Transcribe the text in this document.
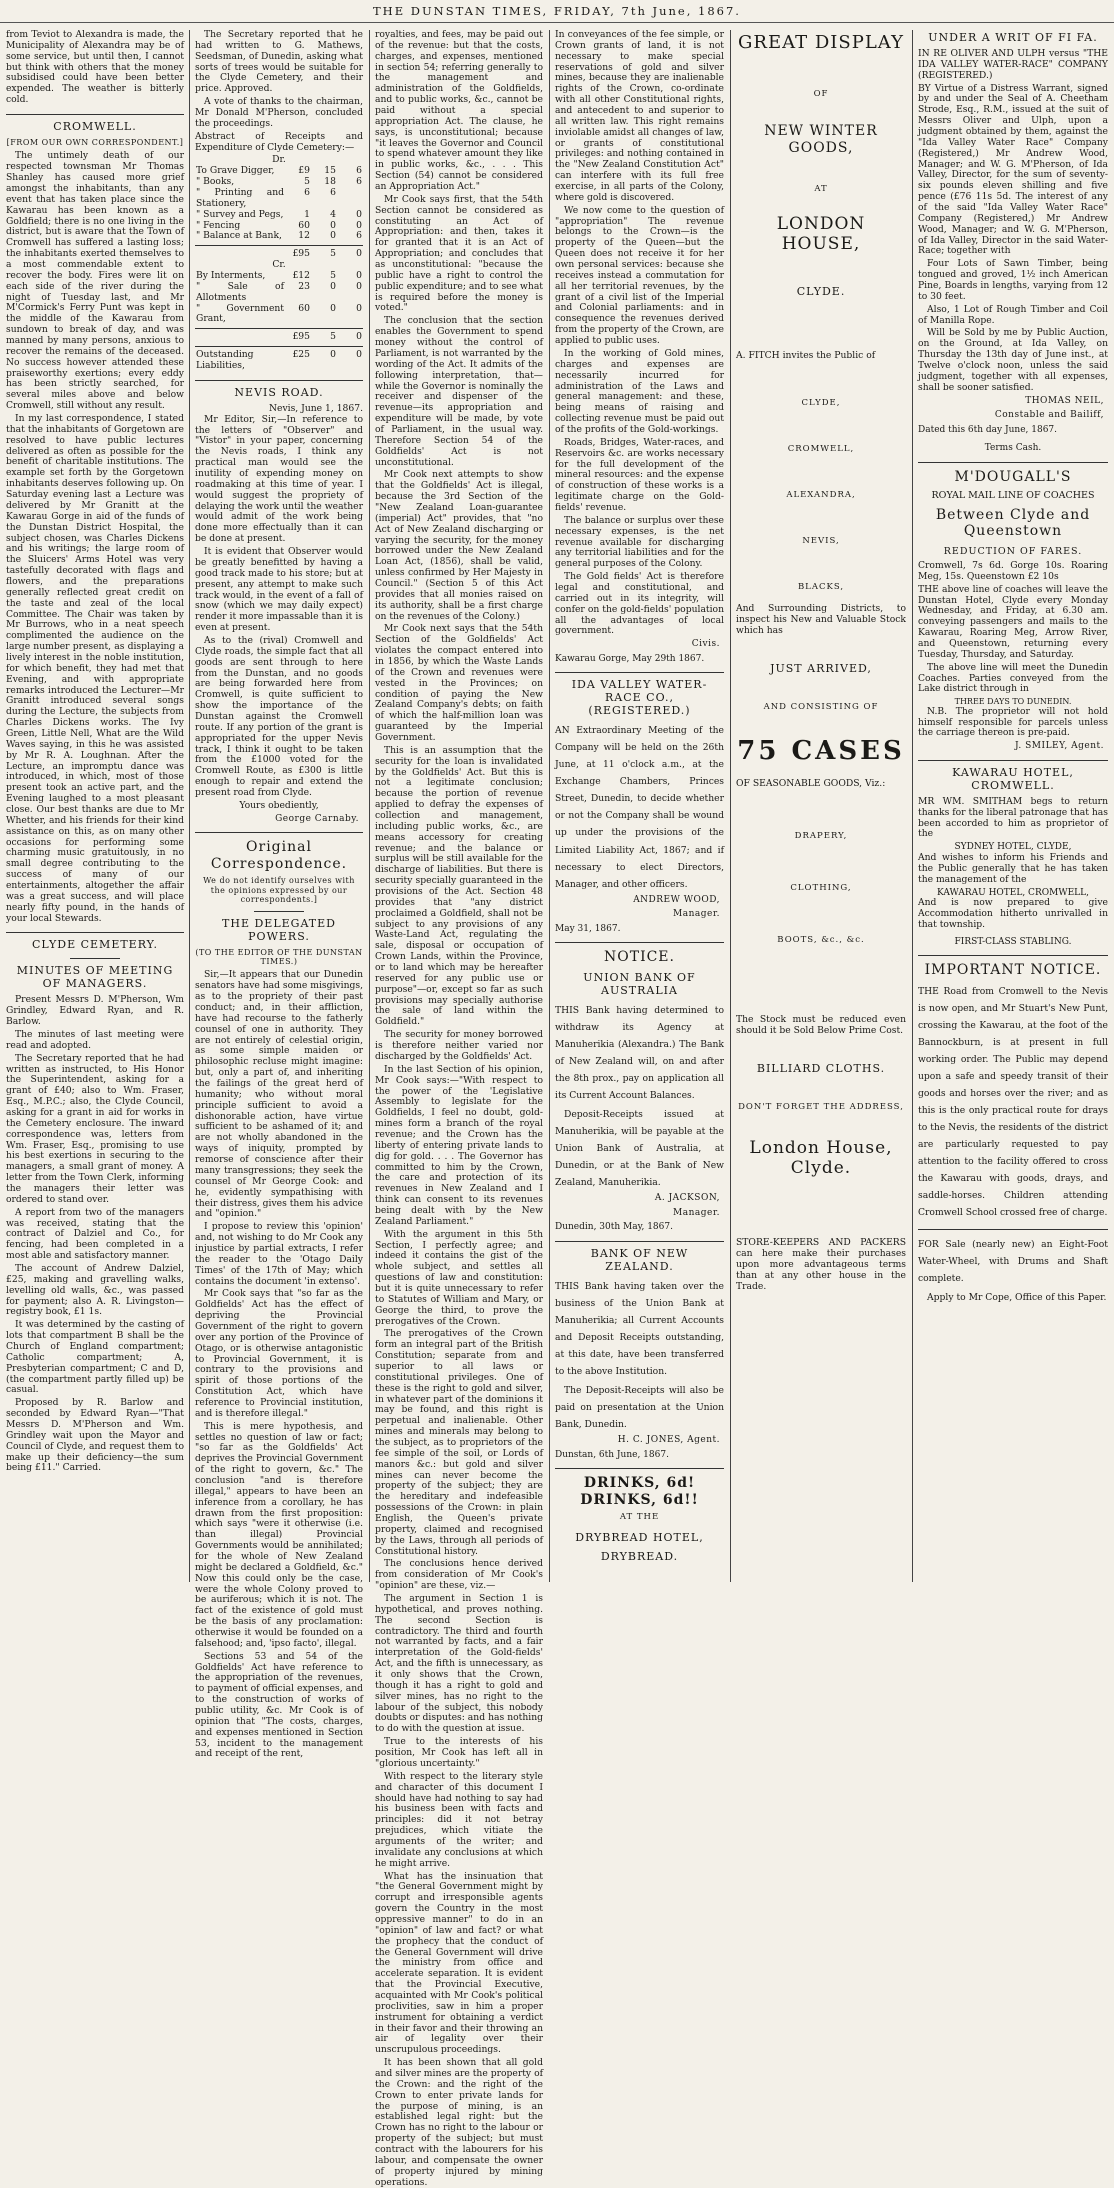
THE DUNSTAN TIMES, FRIDAY, 7th June, 1867.

from Teviot to Alexandra is made, the Municipality of Alexandra may be of some service, but until then, I cannot but think with others that the money subsidised could have been better expended. The weather is bitterly cold.

CROMWELL.
[FROM OUR OWN CORRESPONDENT.]

The untimely death of our respected townsman Mr Thomas Shanley has caused more grief amongst the inhabitants, than any event that has taken place since the Kawarau has been known as a Goldfield; there is no one living in the district, but is aware that the Town of Cromwell has suffered a lasting loss; the inhabitants exerted themselves to a most commendable extent to recover the body. Fires were lit on each side of the river during the night of Tuesday last, and Mr M'Cormick's Ferry Punt was kept in the middle of the Kawarau from sundown to break of day, and was manned by many persons, anxious to recover the remains of the deceased. No success however attended these praiseworthy exertions; every eddy has been strictly searched, for several miles above and below Cromwell, still without any result.

In my last correspondence, I stated that the inhabitants of Gorgetown are resolved to have public lectures delivered as often as possible for the benefit of charitable institutions. The example set forth by the Gorgetown inhabitants deserves following up. On Saturday evening last a Lecture was delivered by Mr Granitt at the Kawarau Gorge in aid of the funds of the Dunstan District Hospital, the subject chosen, was Charles Dickens and his writings; the large room of the Sluicers' Arms Hotel was very tastefully decorated with flags and flowers, and the preparations generally reflected great credit on the taste and zeal of the local Committee. The Chair was taken by Mr Burrows, who in a neat speech complimented the audience on the large number present, as displaying a lively interest in the noble institution, for which benefit, they had met that Evening, and with appropriate remarks introduced the Lecturer—Mr Granitt introduced several songs during the Lecture, the subjects from Charles Dickens works. The Ivy Green, Little Nell, What are the Wild Waves saying, in this he was assisted by Mr R. A. Loughnan. After the Lecture, an impromptu dance was introduced, in which, most of those present took an active part, and the Evening laughed to a most pleasant close. Our best thanks are due to Mr Whetter, and his friends for their kind assistance on this, as on many other occasions for performing some charming music gratuitously, in no small degree contributing to the success of many of our entertainments, altogether the affair was a great success, and will place nearly fifty pound, in the hands of your local Stewards.

CLYDE CEMETERY.
MINUTES OF MEETING OF MANAGERS.

Present Messrs D. M'Pherson, Wm Grindley, Edward Ryan, and R. Barlow.

The minutes of last meeting were read and adopted.

The Secretary reported that he had written as instructed, to His Honor the Superintendent, asking for a grant of £40; also to Wm. Fraser, Esq., M.P.C.; also, the Clyde Council, asking for a grant in aid for works in the Cemetery enclosure. The inward correspondence was, letters from Wm. Fraser, Esq., promising to use his best exertions in securing to the managers, a small grant of money. A letter from the Town Clerk, informing the managers their letter was ordered to stand over.

A report from two of the managers was received, stating that the contract of Dalziel and Co., for fencing, had been completed in a most able and satisfactory manner.

The account of Andrew Dalziel, £25, making and gravelling walks, levelling old walls, &c., was passed for payment; also A. R. Livingston—registry book, £1 1s.

It was determined by the casting of lots that compartment B shall be the Church of England compartment; Catholic compartment; A, Presbyterian compartment; C and D, (the compartment partly filled up) be casual.

Proposed by R. Barlow and seconded by Edward Ryan—"That Messrs D. M'Pherson and Wm. Grindley wait upon the Mayor and Council of Clyde, and request them to make up their deficiency—the sum being £11." Carried.

The Secretary reported that he had written to G. Mathews, Seedsman, of Dunedin, asking what sorts of trees would be suitable for the Clyde Cemetery, and their price. Approved.

A vote of thanks to the chairman, Mr Donald M'Pherson, concluded the proceedings.

Abstract of Receipts and Expenditure of Clyde Cemetery:—

Dr.
To Grave Digger,	£9	15	6
" Books,	5	18	6
" Printing and Stationery,	6	6	
" Survey and Pegs,	1	4	0
" Fencing	60	0	0
" Balance at Bank,	12	0	6
	£95	5	0
Cr.
By Interments,	£12	5	0
" Sale of Allotments	23	0	0
" Government Grant,	60	0	0
	£95	5	0
Outstanding Liabilities,	£25	0	0
NEVIS ROAD.
Nevis, June 1, 1867.

Mr Editor, Sir,—In reference to the letters of "Observer" and "Vistor" in your paper, concerning the Nevis roads, I think any practical man would see the inutility of expending money on roadmaking at this time of year. I would suggest the propriety of delaying the work until the weather would admit of the work being done more effectually than it can be done at present.

It is evident that Observer would be greatly benefitted by having a good track made to his store; but at present, any attempt to make such track would, in the event of a fall of snow (which we may daily expect) render it more impassable than it is even at present.

As to the (rival) Cromwell and Clyde roads, the simple fact that all goods are sent through to here from the Dunstan, and no goods are being forwarded here from Cromwell, is quite sufficient to show the importance of the Dunstan against the Cromwell route. If any portion of the grant is appropriated for the upper Nevis track, I think it ought to be taken from the £1000 voted for the Cromwell Route, as £300 is little enough to repair and extend the present road from Clyde.

Yours obediently,
George Carnaby.
Original Correspondence.
We do not identify ourselves with the opinions expressed by our correspondents.]
THE DELEGATED POWERS.
(TO THE EDITOR OF THE DUNSTAN TIMES.)

Sir,—It appears that our Dunedin senators have had some misgivings, as to the propriety of their past conduct; and, in their affliction, have had recourse to the fatherly counsel of one in authority. They are not entirely of celestial origin, as some simple maiden or philosophic recluse might imagine: but, only a part of, and inheriting the failings of the great herd of humanity; who without moral principle sufficient to avoid a dishonorable action, have virtue sufficient to be ashamed of it; and are not wholly abandoned in the ways of iniquity, prompted by remorse of conscience after their many transgressions; they seek the counsel of Mr George Cook: and he, evidently sympathising with their distress, gives them his advice and "opinion."

I propose to review this 'opinion' and, not wishing to do Mr Cook any injustice by partial extracts, I refer the reader to the 'Otago Daily Times' of the 17th of May; which contains the document 'in extenso'.

Mr Cook says that "so far as the Goldfields' Act has the effect of depriving the Provincial Government of the right to govern over any portion of the Province of Otago, or is otherwise antagonistic to Provincial Government, it is contrary to the provisions and spirit of those portions of the Constitution Act, which have reference to Provincial institution, and is therefore illegal."

This is mere hypothesis, and settles no question of law or fact; "so far as the Goldfields' Act deprives the Provincial Government of the right to govern, &c." The conclusion "and is therefore illegal," appears to have been an inference from a corollary, he has drawn from the first proposition: which says "were it otherwise (i.e. than illegal) Provincial Governments would be annihilated; for the whole of New Zealand might be declared a Goldfield, &c." Now this could only be the case, were the whole Colony proved to be auriferous; which it is not. The fact of the existence of gold must be the basis of any proclamation: otherwise it would be founded on a falsehood; and, 'ipso facto', illegal.

Sections 53 and 54 of the Goldfields' Act have reference to the appropriation of the revenues, to payment of official expenses, and to the construction of works of public utility, &c. Mr Cook is of opinion that "The costs, charges, and expenses mentioned in Section 53, incident to the management and receipt of the rent,

royalties, and fees, may be paid out of the revenue: but that the costs, charges, and expenses, mentioned in section 54; referring generally to the management and administration of the Goldfields, and to public works, &c., cannot be paid without a special appropriation Act. The clause, he says, is unconstitutional; because "it leaves the Governor and Council to spend whatever amount they like in public works, &c., . . . This Section (54) cannot be considered an Appropriation Act."

Mr Cook says first, that the 54th Section cannot be considered as constituting an Act of Appropriation: and then, takes it for granted that it is an Act of Appropriation; and concludes that as unconstitutional: "because the public have a right to control the public expenditure; and to see what is required before the money is voted."

The conclusion that the section enables the Government to spend money without the control of Parliament, is not warranted by the wording of the Act. It admits of the following interpretation, that—while the Governor is nominally the receiver and dispenser of the revenue—its appropriation and expenditure will be made, by vote of Parliament, in the usual way. Therefore Section 54 of the Goldfields' Act is not unconstitutional.

Mr Cook next attempts to show that the Goldfields' Act is illegal, because the 3rd Section of the "New Zealand Loan-guarantee (imperial) Act" provides, that "no Act of New Zealand discharging or varying the security, for the money borrowed under the New Zealand Loan Act, (1856), shall be valid, unless confirmed by Her Majesty in Council." (Section 5 of this Act provides that all monies raised on its authority, shall be a first charge on the revenues of the Colony.)

Mr Cook next says that the 54th Section of the Goldfields' Act violates the compact entered into in 1856, by which the Waste Lands of the Crown and revenues were vested in the Provinces; on condition of paying the New Zealand Company's debts; on faith of which the half-million loan was guaranteed by the Imperial Government.

This is an assumption that the security for the loan is invalidated by the Goldfields' Act. But this is not a legitimate conclusion; because the portion of revenue applied to defray the expenses of collection and management, including public works, &c., are means accessory for creating revenue; and the balance or surplus will be still available for the discharge of liabilities. But there is security specially guaranteed in the provisions of the Act. Section 48 provides that "any district proclaimed a Goldfield, shall not be subject to any provisions of any Waste-Land Act, regulating the sale, disposal or occupation of Crown Lands, within the Province, or to land which may be hereafter reserved for any public use or purpose"—or, except so far as such provisions may specially authorise the sale of land within the Goldfield."

The security for money borrowed is therefore neither varied nor discharged by the Goldfields' Act.

In the last Section of his opinion, Mr Cook says:—"With respect to the power of the 'Legislative Assembly to legislate for the Goldfields, I feel no doubt, gold-mines form a branch of the royal revenue; and the Crown has the liberty of entering private lands to dig for gold. . . . The Governor has committed to him by the Crown, the care and protection of its revenues in New Zealand and I think can consent to its revenues being dealt with by the New Zealand Parliament."

With the argument in this 5th Section, I perfectly agree; and indeed it contains the gist of the whole subject, and settles all questions of law and constitution: but it is quite unnecessary to refer to Statutes of William and Mary, or George the third, to prove the prerogatives of the Crown.

The prerogatives of the Crown form an integral part of the British Constitution; separate from and superior to all laws or constitutional privileges. One of these is the right to gold and silver, in whatever part of the dominions it may be found, and this right is perpetual and inalienable. Other mines and minerals may belong to the subject, as to proprietors of the fee simple of the soil, or Lords of manors &c.: but gold and silver mines can never become the property of the subject; they are the hereditary and indefeasible possessions of the Crown: in plain English, the Queen's private property, claimed and recognised by the Laws, through all periods of Constitutional history.

The conclusions hence derived from consideration of Mr Cook's "opinion" are these, viz.—

The argument in Section 1 is hypothetical, and proves nothing. The second Section is contradictory. The third and fourth not warranted by facts, and a fair interpretation of the Gold-fields' Act, and the fifth is unnecessary, as it only shows that the Crown, though it has a right to gold and silver mines, has no right to the labour of the subject, this nobody doubts or disputes: and has nothing to do with the question at issue.

True to the interests of his position, Mr Cook has left all in "glorious uncertainty."

With respect to the literary style and character of this document I should have had nothing to say had his business been with facts and principles: did it not betray prejudices, which vitiate the arguments of the writer; and invalidate any conclusions at which he might arrive.

What has the insinuation that "the General Government might by corrupt and irresponsible agents govern the Country in the most oppressive manner" to do in an "opinion" of law and fact? or what the prophecy that the conduct of the General Government will drive the ministry from office and accelerate separation. It is evident that the Provincial Executive, acquainted with Mr Cook's political proclivities, saw in him a proper instrument for obtaining a verdict in their favor and their throwing an air of legality over their unscrupulous proceedings.

It has been shown that all gold and silver mines are the property of the Crown: and the right of the Crown to enter private lands for the purpose of mining, is an established legal right: but the Crown has no right to the labour or property of the subject; but must contract with the labourers for his labour, and compensate the owner of property injured by mining operations.

In conveyances of the fee simple, or Crown grants of land, it is not necessary to make special reservations of gold and silver mines, because they are inalienable rights of the Crown, co-ordinate with all other Constitutional rights, and antecedent to and superior to all written law. This right remains inviolable amidst all changes of law, or grants of constitutional privileges: and nothing contained in the "New Zealand Constitution Act" can interfere with its full free exercise, in all parts of the Colony, where gold is discovered.

We now come to the question of "appropriation" The revenue belongs to the Crown—is the property of the Queen—but the Queen does not receive it for her own personal services: because she receives instead a commutation for all her territorial revenues, by the grant of a civil list of the Imperial and Colonial parliaments: and in consequence the revenues derived from the property of the Crown, are applied to public uses.

In the working of Gold mines, charges and expenses are necessarily incurred for administration of the Laws and general management: and these, being means of raising and collecting revenue must be paid out of the profits of the Gold-workings.

Roads, Bridges, Water-races, and Reservoirs &c. are works necessary for the full development of the mineral resources: and the expense of construction of these works is a legitimate charge on the Gold-fields' revenue.

The balance or surplus over these necessary expenses, is the net revenue available for discharging any territorial liabilities and for the general purposes of the Colony.

The Gold fields' Act is therefore legal and constitutional, and carried out in its integrity, will confer on the gold-fields' population all the advantages of local government.

Civis.
Kawarau Gorge, May 29th 1867.
IDA VALLEY WATER-RACE CO., (REGISTERED.)

AN Extraordinary Meeting of the Company will be held on the 26th June, at 11 o'clock a.m., at the Exchange Chambers, Princes Street, Dunedin, to decide whether or not the Company shall be wound up under the provisions of the Limited Liability Act, 1867; and if necessary to elect Directors, Manager, and other officers.

ANDREW WOOD,
Manager.
May 31, 1867.
NOTICE.
UNION BANK OF AUSTRALIA

THIS Bank having determined to withdraw its Agency at Manuherikia (Alexandra.) The Bank of New Zealand will, on and after the 8th prox., pay on application all its Current Account Balances.

Deposit-Receipts issued at Manuherikia, will be payable at the Union Bank of Australia, at Dunedin, or at the Bank of New Zealand, Manuherikia.

A. JACKSON,
Manager.
Dunedin, 30th May, 1867.
BANK OF NEW ZEALAND.

THIS Bank having taken over the business of the Union Bank at Manuherikia; all Current Accounts and Deposit Receipts outstanding, at this date, have been transferred to the above Institution.

The Deposit-Receipts will also be paid on presentation at the Union Bank, Dunedin.

H. C. JONES, Agent.
Dunstan, 6th June, 1867.
DRINKS, 6d! DRINKS, 6d!!
AT THE
DRYBREAD HOTEL,
DRYBREAD.
GREAT DISPLAY
OF
NEW WINTER GOODS,
AT
LONDON HOUSE,
CLYDE.

A. FITCH invites the Public of

CLYDE,
CROMWELL,
ALEXANDRA,
NEVIS,
BLACKS,

And Surrounding Districts, to inspect his New and Valuable Stock which has

JUST ARRIVED,
AND CONSISTING OF
75 CASES

OF SEASONABLE GOODS, Viz.:

DRAPERY,
CLOTHING,
BOOTS, &c., &c.

The Stock must be reduced even should it be Sold Below Prime Cost.

BILLIARD CLOTHS.
DON'T FORGET THE ADDRESS,
London House, Clyde.

STORE-KEEPERS AND PACKERS can here make their purchases upon more advantageous terms than at any other house in the Trade.

UNDER A WRIT OF FI FA.

IN RE OLIVER AND ULPH versus "THE IDA VALLEY WATER-RACE" COMPANY (REGISTERED.)

BY Virtue of a Distress Warrant, signed by and under the Seal of A. Cheetham Strode, Esq., R.M., issued at the suit of Messrs Oliver and Ulph, upon a judgment obtained by them, against the "Ida Valley Water Race" Company (Registered,) Mr Andrew Wood, Manager; and W. G. M'Pherson, of Ida Valley, Director, for the sum of seventy-six pounds eleven shilling and five pence (£76 11s 5d. The interest of any of the said "Ida Valley Water Race" Company (Registered,) Mr Andrew Wood, Manager; and W. G. M'Pherson, of Ida Valley, Director in the said Water-Race; together with

Four Lots of Sawn Timber, being tongued and groved, 1½ inch American Pine, Boards in lengths, varying from 12 to 30 feet.

Also, 1 Lot of Rough Timber and Coil of Manilla Rope.

Will be Sold by me by Public Auction, on the Ground, at Ida Valley, on Thursday the 13th day of June inst., at Twelve o'clock noon, unless the said judgment, together with all expenses, shall be sooner satisfied.

THOMAS NEIL,
Constable and Bailiff,
Dated this 6th day June, 1867.
Terms Cash.
M'DOUGALL'S
ROYAL MAIL LINE OF COACHES
Between Clyde and Queenstown
REDUCTION OF FARES.

Cromwell, 7s 6d. Gorge 10s. Roaring Meg, 15s. Queenstown £2 10s

THE above line of coaches will leave the Dunstan Hotel, Clyde every Monday Wednesday, and Friday, at 6.30 am. conveying passengers and mails to the Kawarau, Roaring Meg, Arrow River, and Queenstown, returning every Tuesday, Thursday, and Saturday.

The above line will meet the Dunedin Coaches. Parties conveyed from the Lake district through in

THREE DAYS TO DUNEDIN.

N.B. The proprietor will not hold himself responsible for parcels unless the carriage thereon is pre-paid.

J. SMILEY, Agent.
KAWARAU HOTEL, CROMWELL.

MR WM. SMITHAM begs to return thanks for the liberal patronage that has been accorded to him as proprietor of the

SYDNEY HOTEL, CLYDE,

And wishes to inform his Friends and the Public generally that he has taken the management of the

KAWARAU HOTEL, CROMWELL,

And is now prepared to give Accommodation hitherto unrivalled in that township.

FIRST-CLASS STABLING.
IMPORTANT NOTICE.

THE Road from Cromwell to the Nevis is now open, and Mr Stuart's New Punt, crossing the Kawarau, at the foot of the Bannockburn, is at present in full working order. The Public may depend upon a safe and speedy transit of their goods and horses over the river; and as this is the only practical route for drays to the Nevis, the residents of the district are particularly requested to pay attention to the facility offered to cross the Kawarau with goods, drays, and saddle-horses. Children attending Cromwell School crossed free of charge.

FOR Sale (nearly new) an Eight-Foot Water-Wheel, with Drums and Shaft complete.

Apply to Mr Cope, Office of this Paper.
